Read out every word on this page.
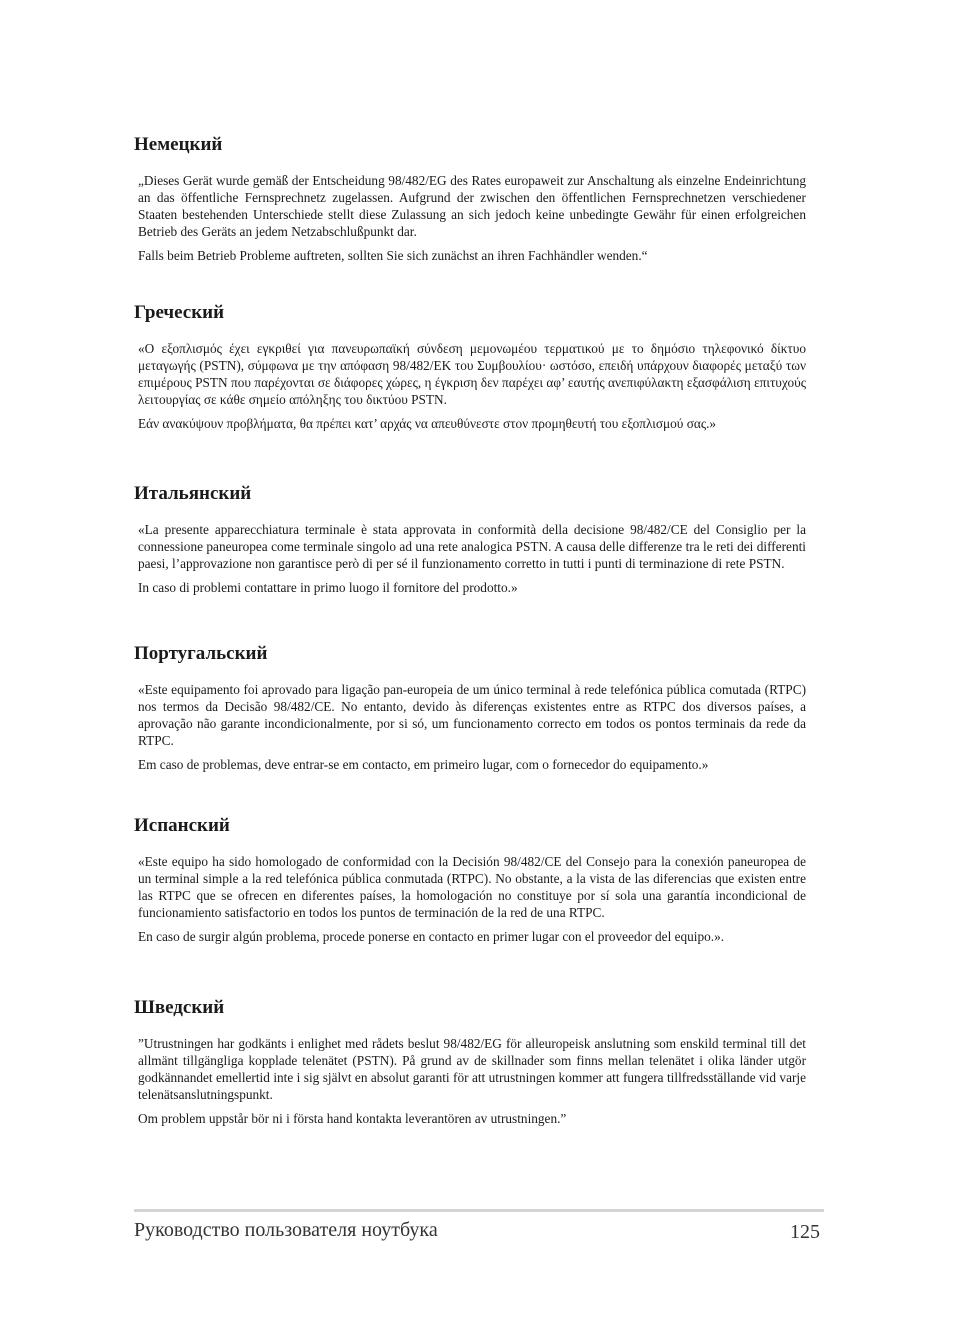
Немецкий

„Dieses Gerät wurde gemäß der Entscheidung 98/482/EG des Rates europaweit zur Anschaltung als einzelne Endeinrichtung an das öffentliche Fernsprechnetz zugelassen. Aufgrund der zwischen den öffentlichen Fernsprechnetzen verschiedener Staaten bestehenden Unterschiede stellt diese Zulassung an sich jedoch keine unbedingte Gewähr für einen erfolgreichen Betrieb des Geräts an jedem Netzabschlußpunkt dar.

Falls beim Betrieb Probleme auftreten, sollten Sie sich zunächst an ihren Fachhändler wenden.“

Греческий

«Ο εξοπλισμός έχει εγκριθεί για πανευρωπαϊκή σύνδεση μεμονωμέου τερματικού με το δημόσιο τηλεφονικό δίκτυο μεταγωγής (PSTN), σύμφωνα με την απόφαση 98/482/ΕΚ του Συμβουλίου· ωστόσο, επειδή υπάρχουν διαφορές μεταξύ των επιμέρους PSTN που παρέχονται σε διάφορες χώρες, η έγκριση δεν παρέχει αφ’ εαυτής ανεπιφύλακτη εξασφάλιση επιτυχούς λειτουργίας σε κάθε σημείο απόληξης του δικτύου PSTN.

Εάν ανακύψουν προβλήματα, θα πρέπει κατ’ αρχάς να απευθύνεστε στον προμηθευτή του εξοπλισμού σας.»

Итальянский

«La presente apparecchiatura terminale è stata approvata in conformità della decisione 98/482/CE del Consiglio per la connessione paneuropea come terminale singolo ad una rete analogica PSTN. A causa delle differenze tra le reti dei differenti paesi, l’approvazione non garantisce però di per sé il funzionamento corretto in tutti i punti di terminazione di rete PSTN.

In caso di problemi contattare in primo luogo il fornitore del prodotto.»

Португальский

«Este equipamento foi aprovado para ligação pan-europeia de um único terminal à rede telefónica pública comutada (RTPC) nos termos da Decisão 98/482/CE. No entanto, devido às diferenças existentes entre as RTPC dos diversos países, a aprovação não garante incondicionalmente, por si só, um funcionamento correcto em todos os pontos terminais da rede da RTPC.

Em caso de problemas, deve entrar-se em contacto, em primeiro lugar, com o fornecedor do equipamento.»

Испанский

«Este equipo ha sido homologado de conformidad con la Decisión 98/482/CE del Consejo para la conexión paneuropea de un terminal simple a la red telefónica pública conmutada (RTPC). No obstante, a la vista de las diferencias que existen entre las RTPC que se ofrecen en diferentes países, la homologación no constituye por sí sola una garantía incondicional de funcionamiento satisfactorio en todos los puntos de terminación de la red de una RTPC.

En caso de surgir algún problema, procede ponerse en contacto en primer lugar con el proveedor del equipo.».

Шведский

”Utrustningen har godkänts i enlighet med rådets beslut 98/482/EG för alleuropeisk anslutning som enskild terminal till det allmänt tillgängliga kopplade telenätet (PSTN). På grund av de skillnader som finns mellan telenätet i olika länder utgör godkännandet emellertid inte i sig självt en absolut garanti för att utrustningen kommer att fungera tillfredsställande vid varje telenätsanslutningspunkt.

Om problem uppstår bör ni i första hand kontakta leverantören av utrustningen.”

Руководство пользователя ноутбука	125
